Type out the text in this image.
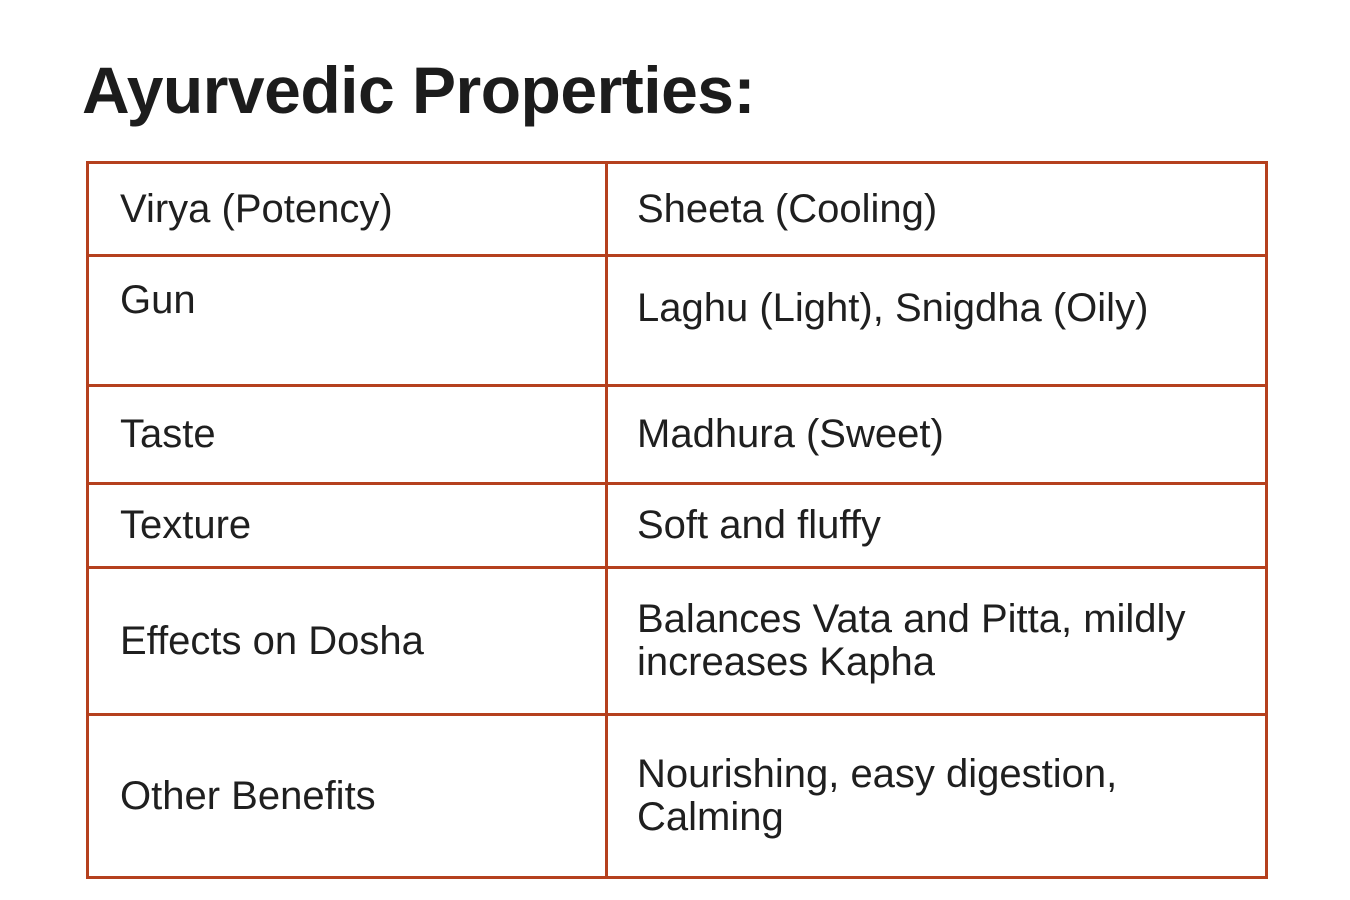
Ayurvedic Properties:
Virya (Potency)	Sheeta (Cooling)
Gun	Laghu (Light), Snigdha (Oily)
Taste	Madhura (Sweet)
Texture	Soft and fluffy
Effects on Dosha	Balances Vata and Pitta, mildly increases Kapha
Other Benefits	Nourishing, easy digestion, Calming
